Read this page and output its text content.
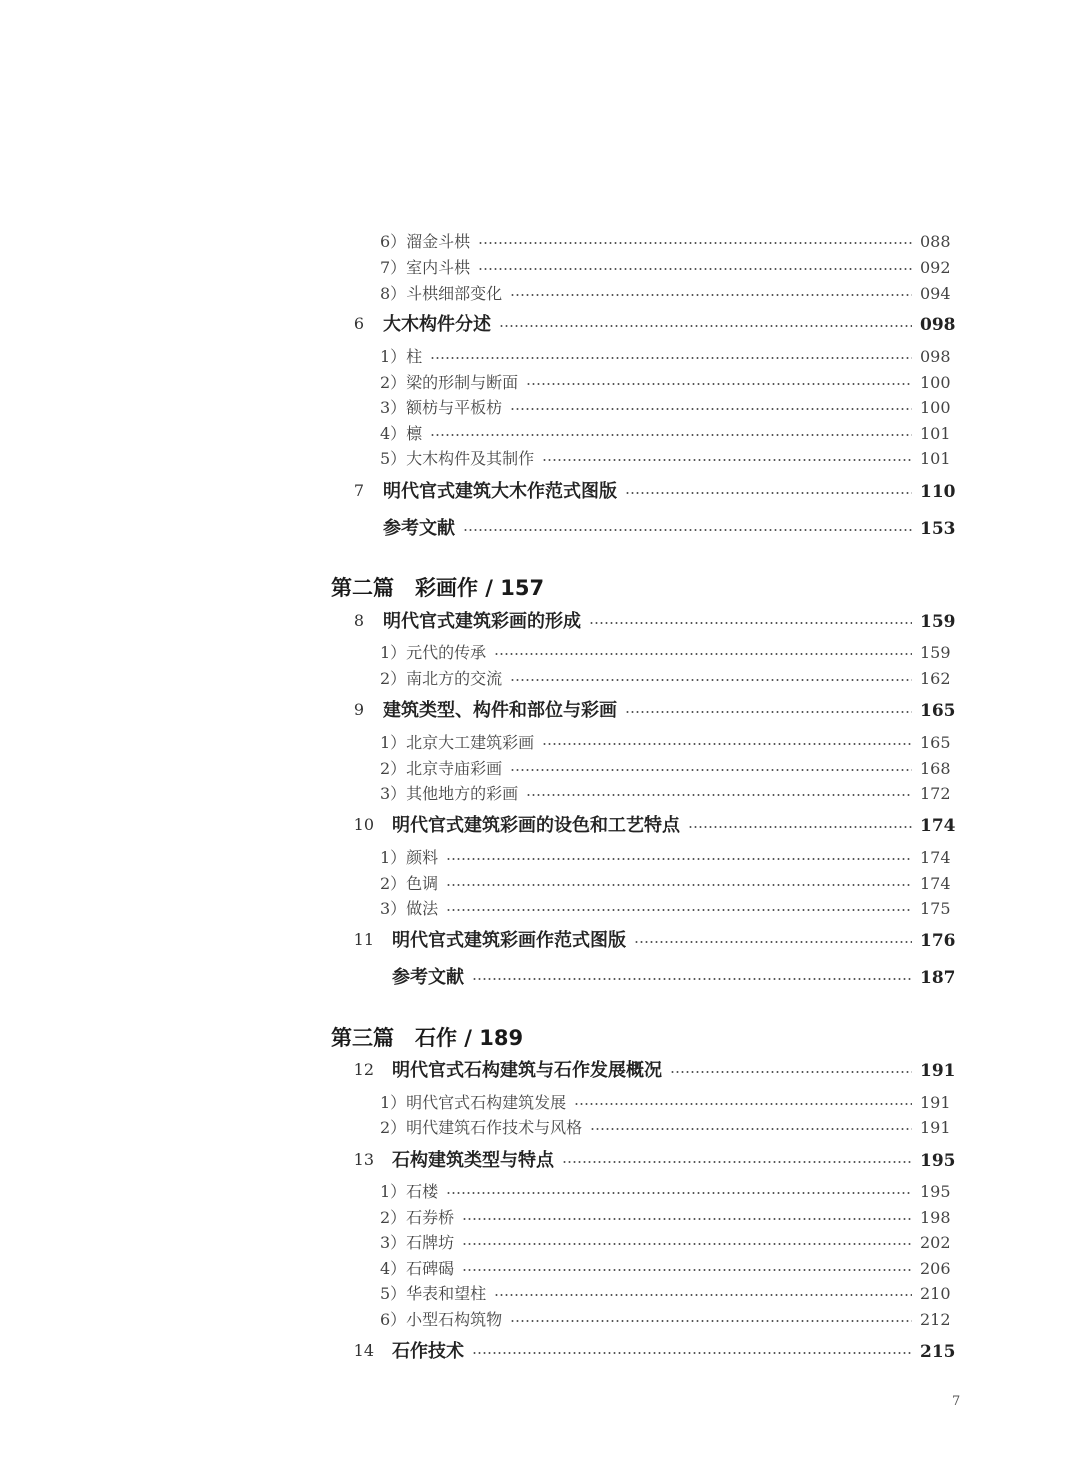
6）溜金斗栱	088
7）室内斗栱	092
8）斗栱细部变化	094
6 大木构件分述	098
1）柱	098
2）梁的形制与断面	100
3）额枋与平板枋	100
4）檩	101
5）大木构件及其制作	101
7 明代官式建筑大木作范式图版	110
参考文献	153
第二篇　彩画作 / 157
8 明代官式建筑彩画的形成	159
1）元代的传承	159
2）南北方的交流	162
9 建筑类型、构件和部位与彩画	165
1）北京大工建筑彩画	165
2）北京寺庙彩画	168
3）其他地方的彩画	172
10 明代官式建筑彩画的设色和工艺特点	174
1）颜料	174
2）色调	174
3）做法	175
11 明代官式建筑彩画作范式图版	176
参考文献	187
第三篇　石作 / 189
12 明代官式石构建筑与石作发展概况	191
1）明代官式石构建筑发展	191
2）明代建筑石作技术与风格	191
13 石构建筑类型与特点	195
1）石楼	195
2）石券桥	198
3）石牌坊	202
4）石碑碣	206
5）华表和望柱	210
6）小型石构筑物	212
14 石作技术	215
7
